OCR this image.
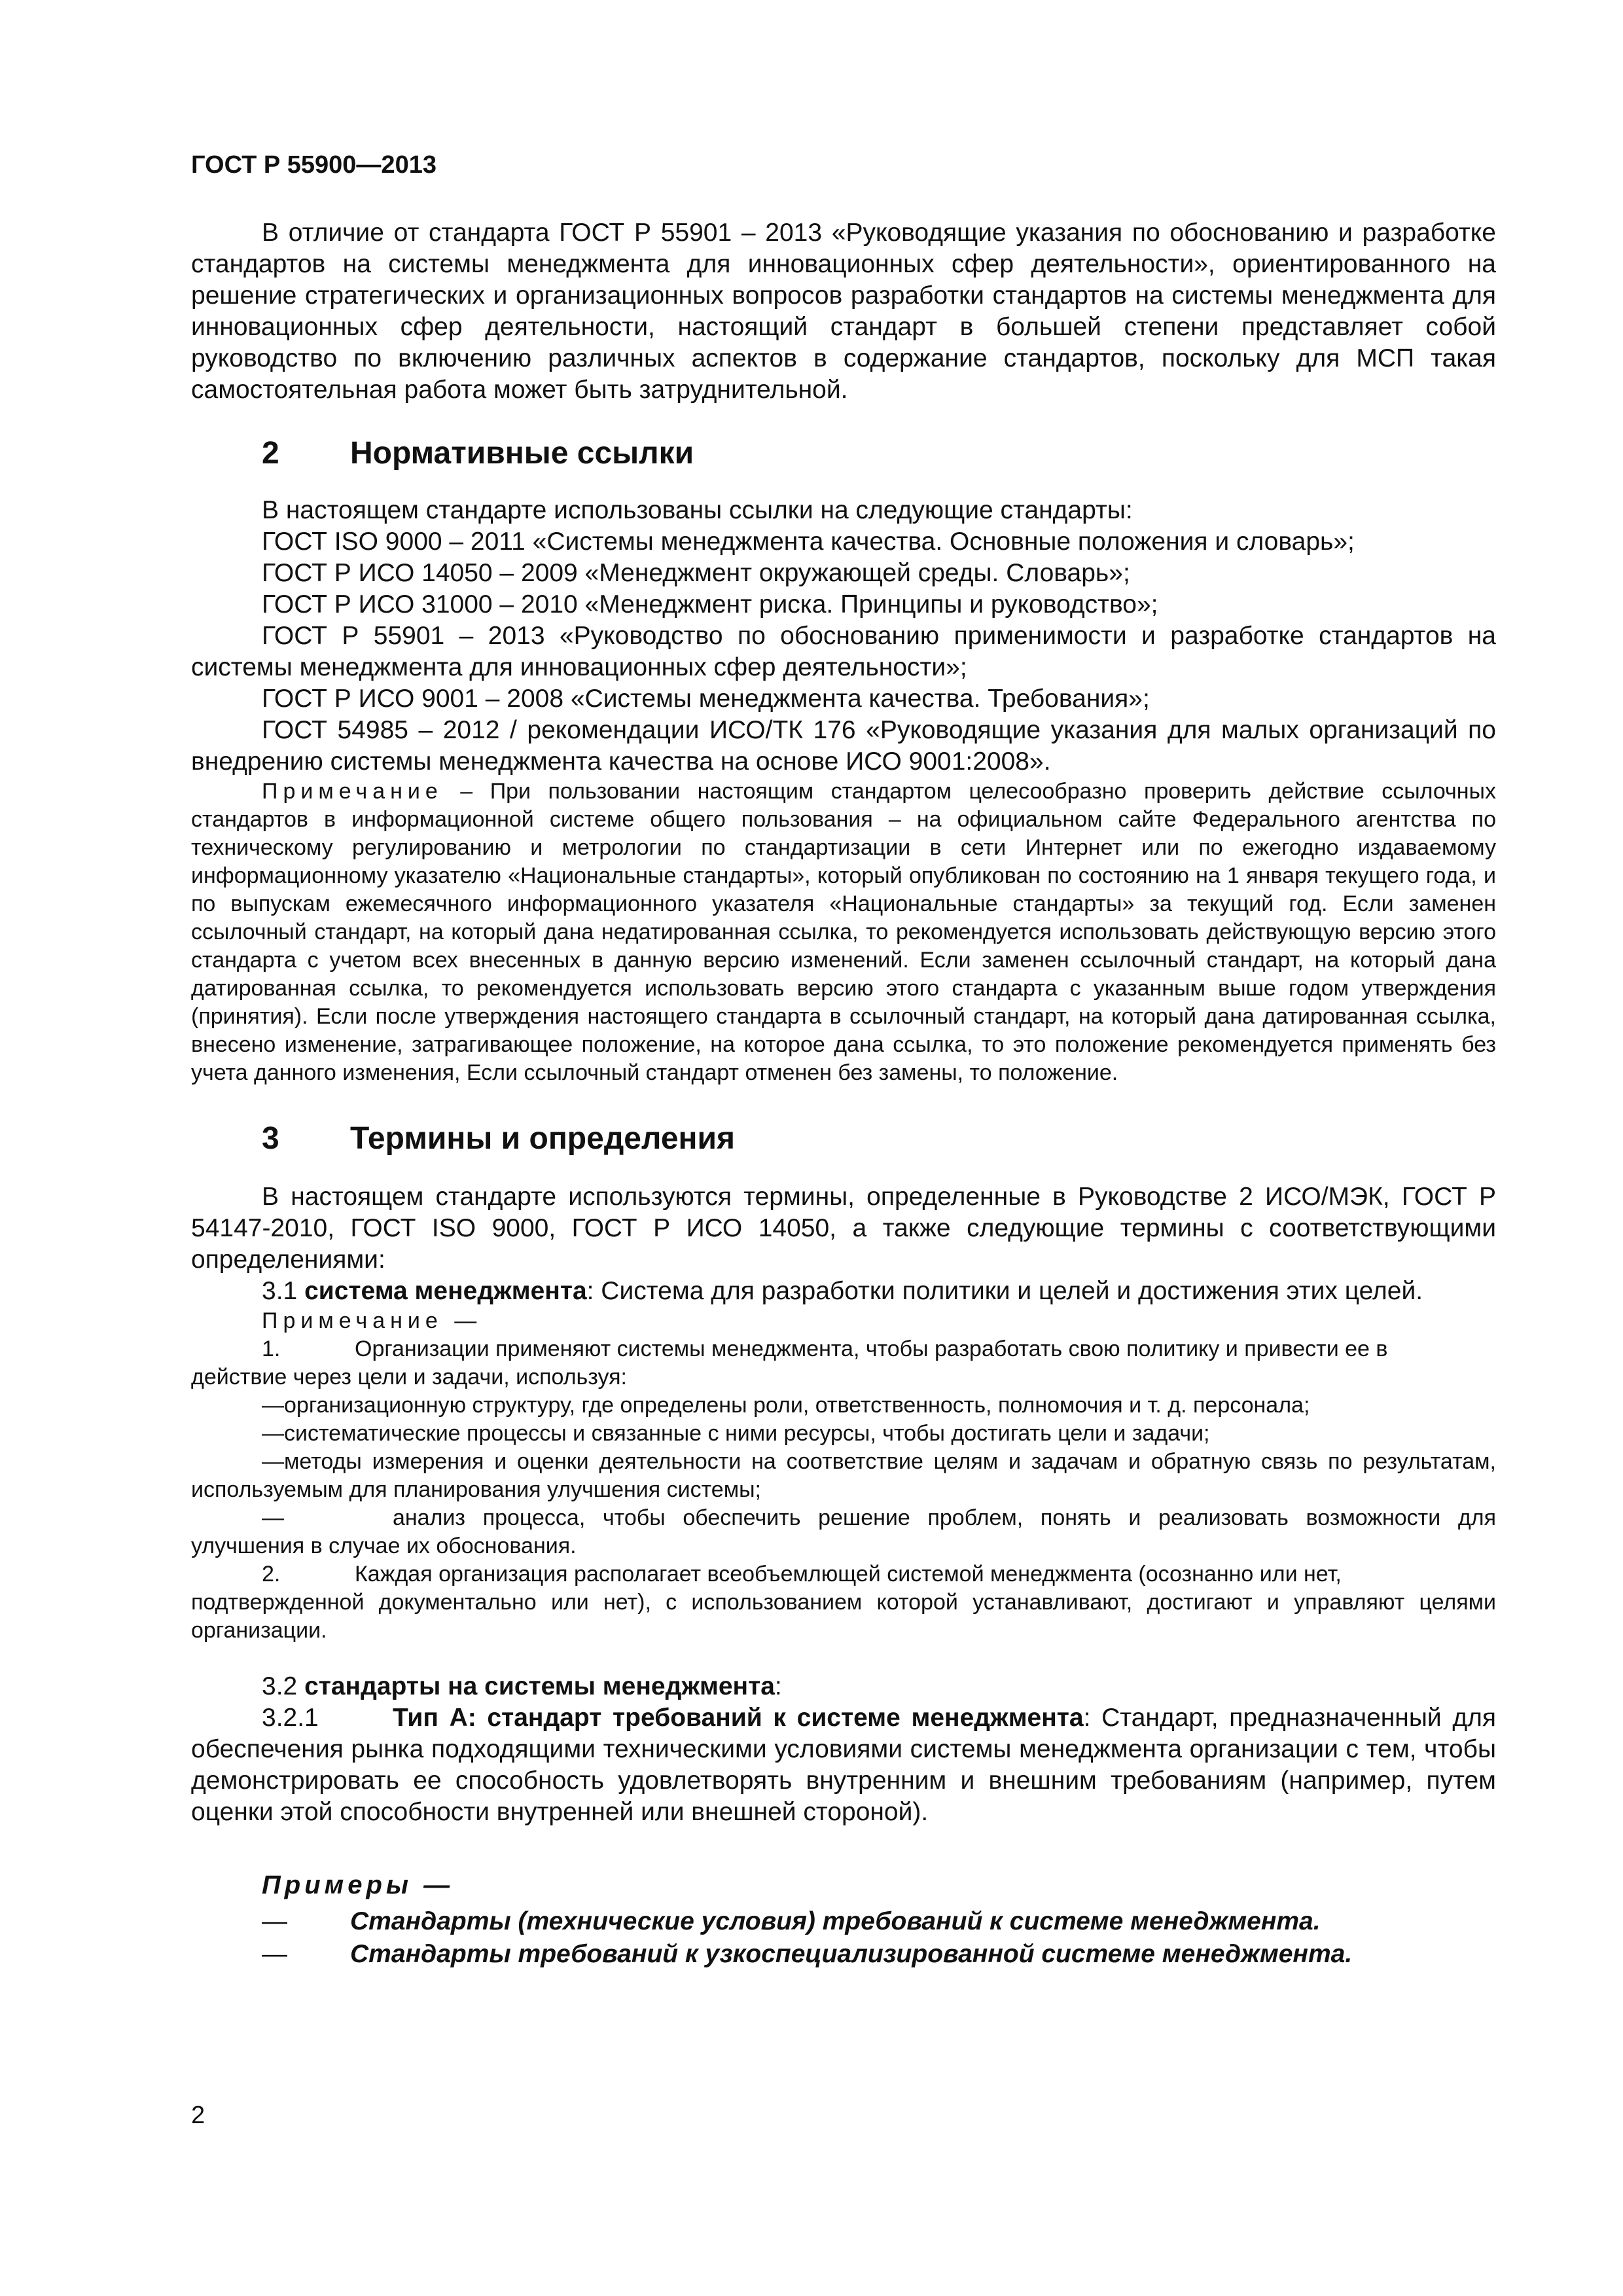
ГОСТ Р 55900—2013

В отличие от стандарта ГОСТ Р 55901 – 2013 «Руководящие указания по обоснованию и разработке стандартов на системы менеджмента для инновационных сфер деятельности», ориентированного на решение стратегических и организационных вопросов разработки стандартов на системы менеджмента для инновационных сфер деятельности, настоящий стандарт в большей степени представляет собой руководство по включению различных аспектов в содержание стандартов, поскольку для МСП такая самостоятельная работа может быть затруднительной.

2	Нормативные ссылки

В настоящем стандарте использованы ссылки на следующие стандарты:

ГОСТ ISO 9000 – 2011 «Системы менеджмента качества. Основные положения и словарь»;

ГОСТ Р ИСО 14050 – 2009 «Менеджмент окружающей среды. Словарь»;

ГОСТ Р ИСО 31000 – 2010 «Менеджмент риска. Принципы и руководство»;

ГОСТ Р 55901 – 2013 «Руководство по обоснованию применимости и разработке стандартов на системы менеджмента для инновационных сфер деятельности»;

ГОСТ Р ИСО 9001 – 2008 «Системы менеджмента качества. Требования»;

ГОСТ 54985 – 2012 / рекомендации ИСО/ТК 176 «Руководящие указания для малых организаций по внедрению системы менеджмента качества на основе ИСО 9001:2008».

Примечание – При пользовании настоящим стандартом целесообразно проверить действие ссылочных стандартов в информационной системе общего пользования – на официальном сайте Федерального агентства по техническому регулированию и метрологии по стандартизации в сети Интернет или по ежегодно издаваемому информационному указателю «Национальные стандарты», который опубликован по состоянию на 1 января текущего года, и по выпускам ежемесячного информационного указателя «Национальные стандарты» за текущий год. Если заменен ссылочный стандарт, на который дана недатированная ссылка, то рекомендуется использовать действующую версию этого стандарта с учетом всех внесенных в данную версию изменений. Если заменен ссылочный стандарт, на который дана датированная ссылка, то рекомендуется использовать версию этого стандарта с указанным выше годом утверждения (принятия). Если после утверждения настоящего стандарта в ссылочный стандарт, на который дана датированная ссылка, внесено изменение, затрагивающее положение, на которое дана ссылка, то это положение рекомендуется применять без учета данного изменения, Если ссылочный стандарт отменен без замены, то положение.

3	Термины и определения

В настоящем стандарте используются термины, определенные в Руководстве 2 ИСО/МЭК, ГОСТ Р 54147-2010, ГОСТ ISO 9000, ГОСТ Р ИСО 14050, а также следующие термины с соответствующими определениями:

3.1 система менеджмента: Система для разработки политики и целей и достижения этих целей.

Примечание —

1.	Организации применяют системы менеджмента, чтобы разработать свою политику и привести ее в

действие через цели и задачи, используя:

—организационную структуру, где определены роли, ответственность, полномочия и т. д. персонала;

—систематические процессы и связанные с ними ресурсы, чтобы достигать цели и задачи;

—методы измерения и оценки деятельности на соответствие целям и задачам и обратную связь по результатам, используемым для планирования улучшения системы;

—	анализ процесса, чтобы обеспечить решение проблем, понять и реализовать возможности для улучшения в случае их обоснования.

2.	Каждая организация располагает всеобъемлющей системой менеджмента (осознанно или нет,

подтвержденной документально или нет), с использованием которой устанавливают, достигают и управляют целями организации.

3.2 стандарты на системы менеджмента:

3.2.1	Тип А: стандарт требований к системе менеджмента: Стандарт, предназначенный для обеспечения рынка подходящими техническими условиями системы менеджмента организации с тем, чтобы демонстрировать ее способность удовлетворять внутренним и внешним требованиям (например, путем оценки этой способности внутренней или внешней стороной).

Примеры —
—	Стандарты (технические условия) требований к системе менеджмента.
—	Стандарты требований к узкоспециализированной системе менеджмента.
2
